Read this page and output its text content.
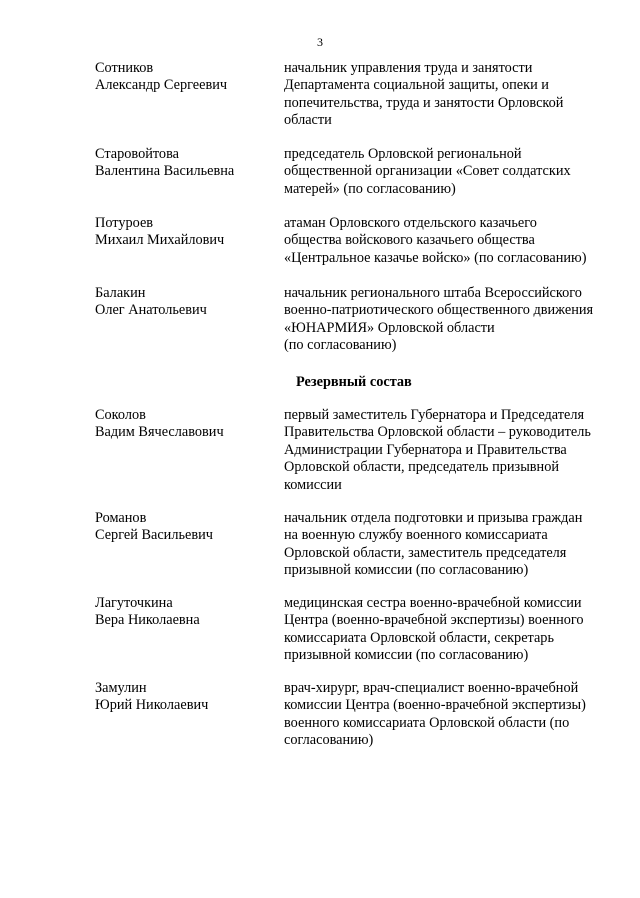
3
Сотников
Александр Сергеевич
начальник управления труда и занятости
Департамента социальной защиты, опеки и
попечительства, труда и занятости Орловской
области
Старовойтова
Валентина Васильевна
председатель Орловской региональной
общественной организации «Совет солдатских
матерей» (по согласованию)
Потуроев
Михаил Михайлович
атаман Орловского отдельского казачьего
общества войскового казачьего общества
«Центральное казачье войско» (по согласованию)
Балакин
Олег Анатольевич
начальник регионального штаба Всероссийского
военно-патриотического общественного движения
«ЮНАРМИЯ» Орловской области
(по согласованию)
Резервный состав
Соколов
Вадим Вячеславович
первый заместитель Губернатора и Председателя
Правительства Орловской области – руководитель
Администрации Губернатора и Правительства
Орловской области, председатель призывной
комиссии
Романов
Сергей Васильевич
начальник отдела подготовки и призыва граждан
на военную службу военного комиссариата
Орловской области, заместитель председателя
призывной комиссии (по согласованию)
Лагуточкина
Вера Николаевна
медицинская сестра военно-врачебной комиссии
Центра (военно-врачебной экспертизы) военного
комиссариата Орловской области, секретарь
призывной комиссии (по согласованию)
Замулин
Юрий Николаевич
врач-хирург, врач-специалист военно-врачебной
комиссии Центра (военно-врачебной экспертизы)
военного комиссариата Орловской области (по
согласованию)
